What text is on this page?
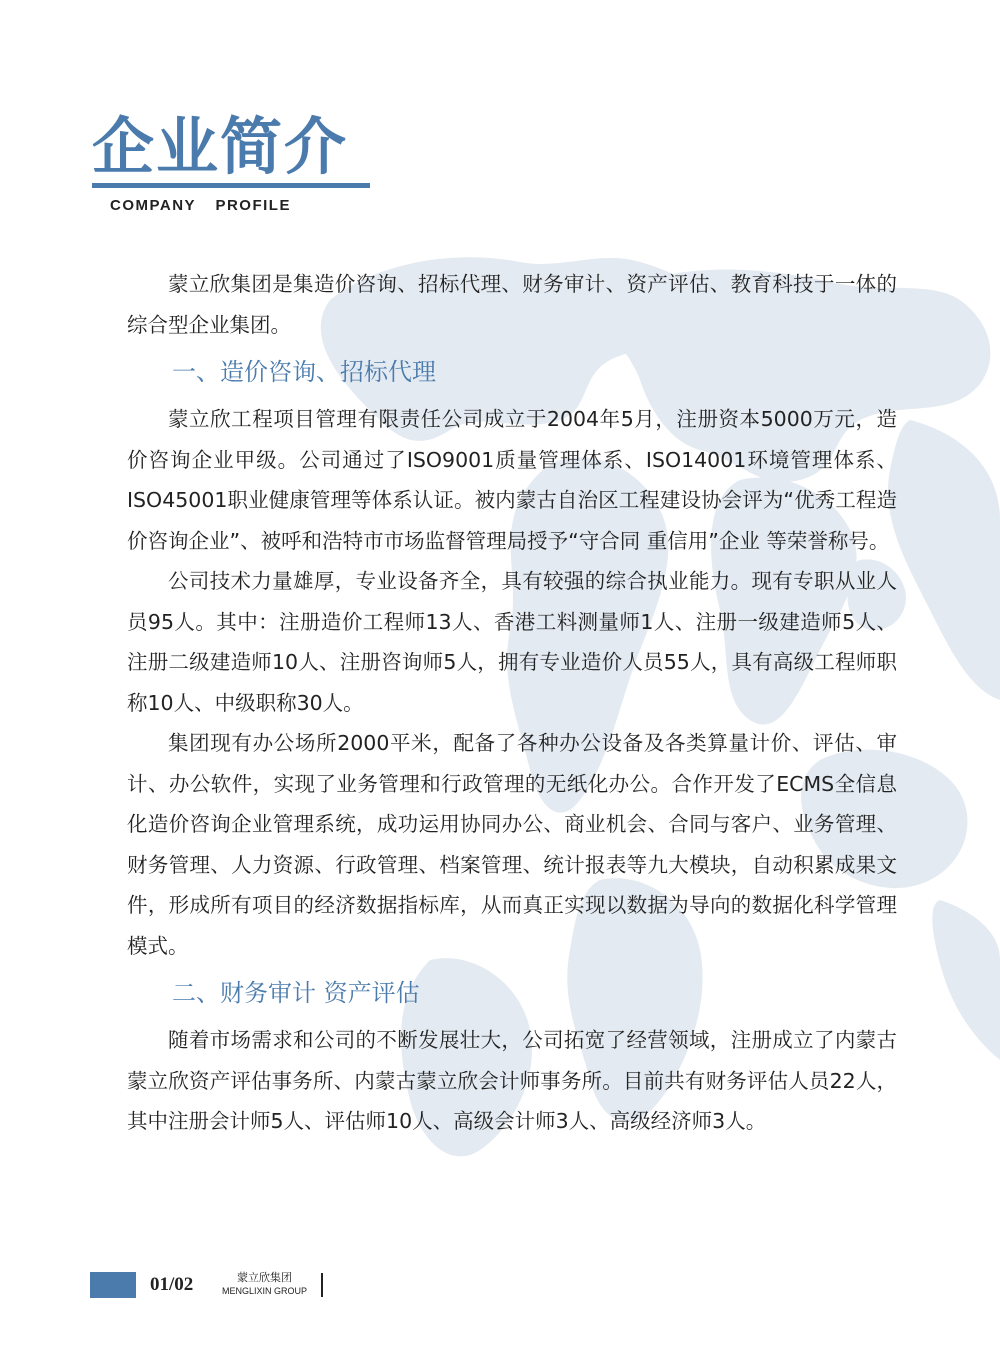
企业简介
COMPANY PROFILE

蒙立欣集团是集造价咨询、招标代理、财务审计、资产评估、教育科技于一体的综合型企业集团。

一、造价咨询、招标代理

蒙立欣工程项目管理有限责任公司成立于2004年5月，注册资本5000万元，造价咨询企业甲级。公司通过了ISO9001质量管理体系、ISO14001环境管理体系、ISO45001职业健康管理等体系认证。被内蒙古自治区工程建设协会评为“优秀工程造价咨询企业”、被呼和浩特市市场监督管理局授予“守合同 重信用”企业 等荣誉称号。

公司技术力量雄厚，专业设备齐全，具有较强的综合执业能力。现有专职从业人员95人。其中：注册造价工程师13人、香港工料测量师1人、注册一级建造师5人、注册二级建造师10人、注册咨询师5人，拥有专业造价人员55人，具有高级工程师职称10人、中级职称30人。

集团现有办公场所2000平米，配备了各种办公设备及各类算量计价、评估、审计、办公软件，实现了业务管理和行政管理的无纸化办公。合作开发了ECMS全信息化造价咨询企业管理系统，成功运用协同办公、商业机会、合同与客户、业务管理、财务管理、人力资源、行政管理、档案管理、统计报表等九大模块，自动积累成果文件，形成所有项目的经济数据指标库，从而真正实现以数据为导向的数据化科学管理模式。

二、财务审计 资产评估

随着市场需求和公司的不断发展壮大，公司拓宽了经营领域，注册成立了内蒙古蒙立欣资产评估事务所、内蒙古蒙立欣会计师事务所。目前共有财务评估人员22人，其中注册会计师5人、评估师10人、高级会计师3人、高级经济师3人。

01/02	蒙立欣集团
MENGLIXIN GROUP
